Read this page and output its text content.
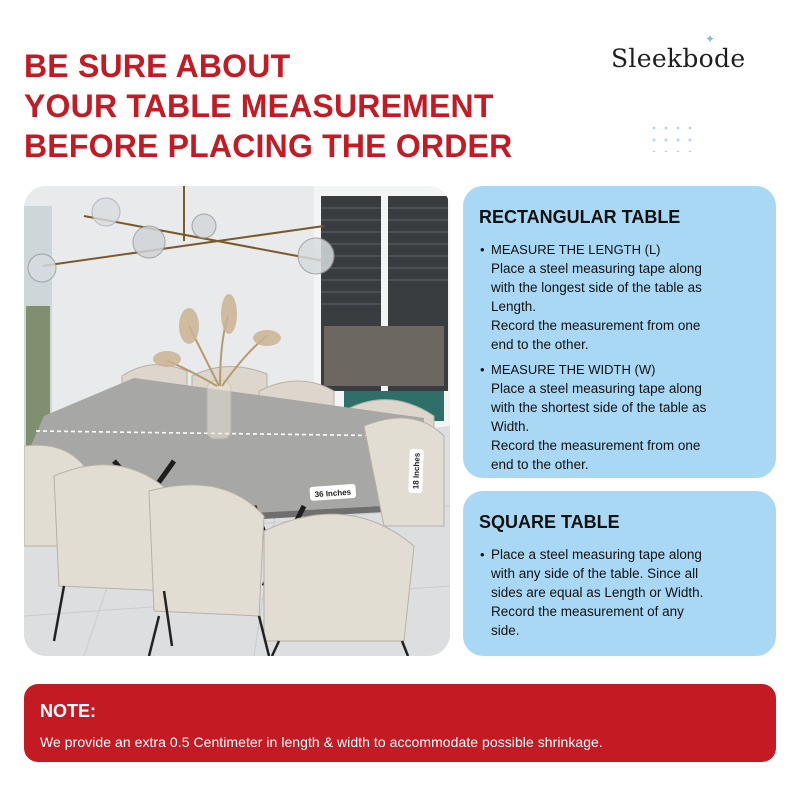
BE SURE ABOUT
YOUR TABLE MEASUREMENT
BEFORE PLACING THE ORDER
Sleekbode
✦
36 Inches
18 Inches
RECTANGULAR TABLE
• MEASURE THE LENGTH (L)

Place a steel measuring tape along

with the longest side of the table as

Length.

Record the measurement from one

end to the other.

• MEASURE THE WIDTH (W)

Place a steel measuring tape along

with the shortest side of the table as

Width.

Record the measurement from one

end to the other.

SQUARE TABLE
• Place a steel measuring tape along

with any side of the table. Since all

sides are equal as Length or Width.

Record the measurement of any

side.

NOTE:
We provide an extra 0.5 Centimeter in length & width to accommodate possible shrinkage.
